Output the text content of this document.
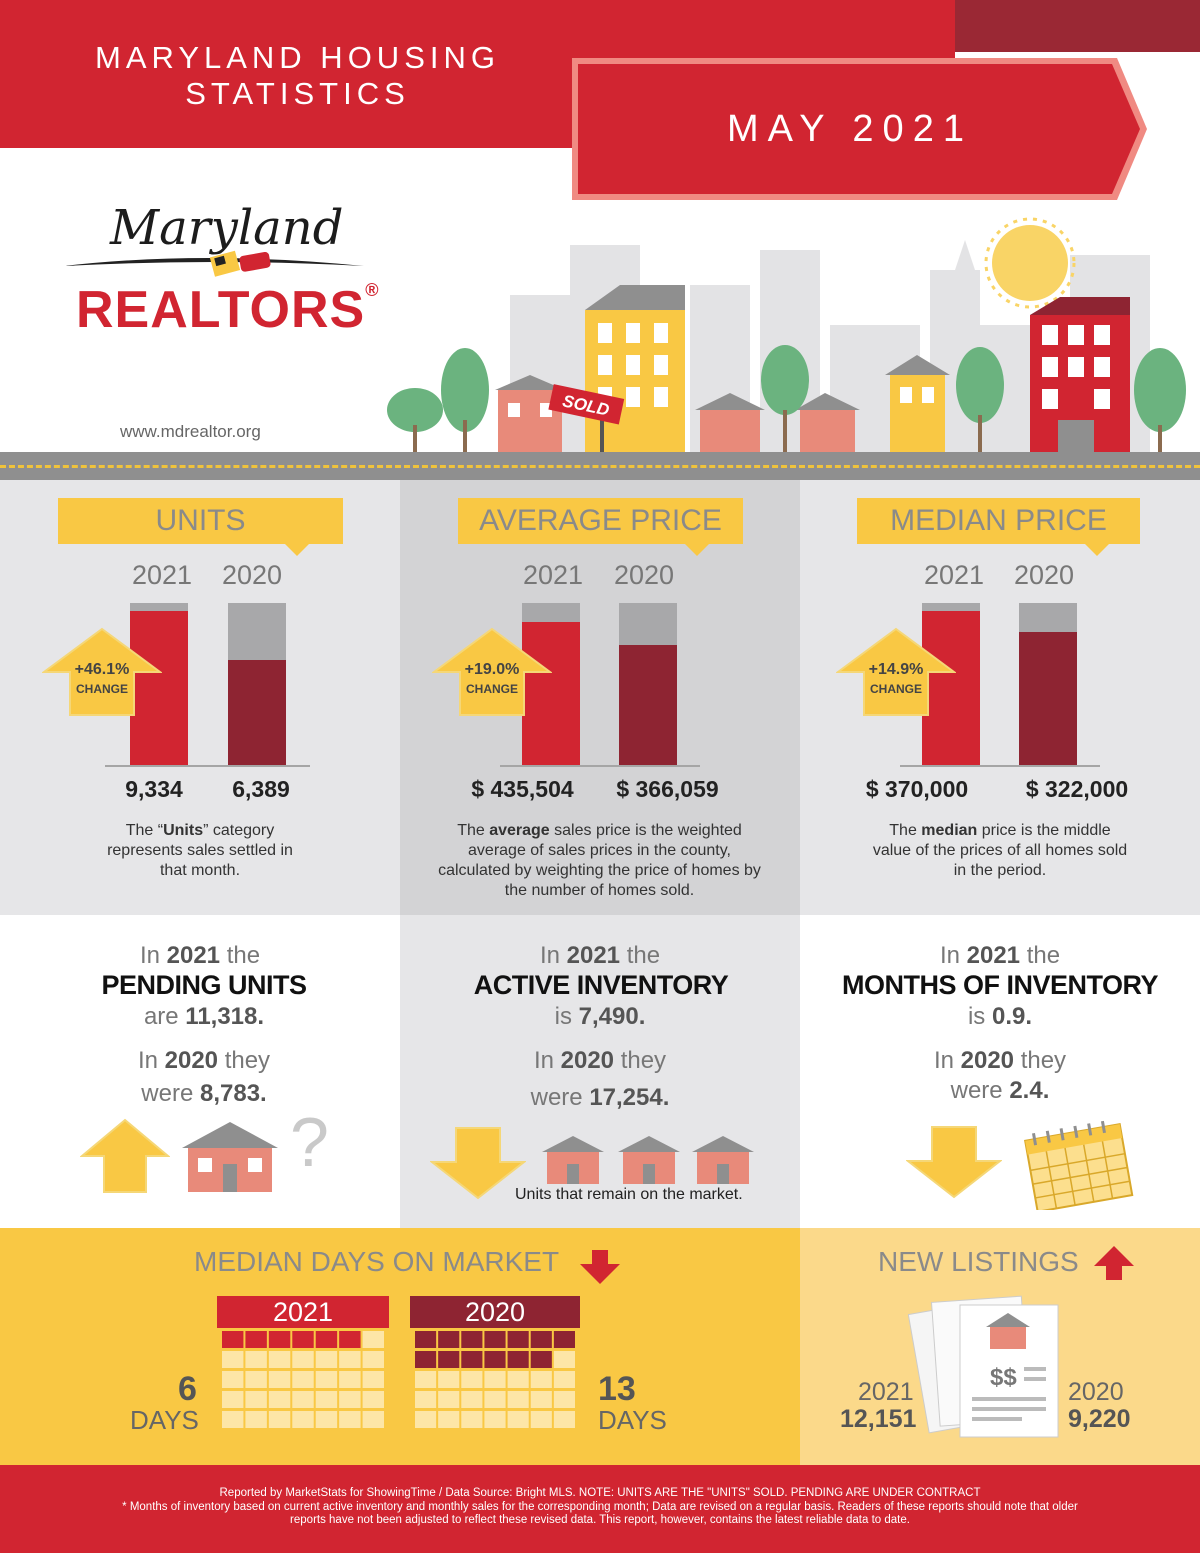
MARYLAND HOUSING
STATISTICS
MAY 2021
Maryland
REALTORS®
www.mdrealtor.org
SOLD
UNITS
2021 2020
+46.1%
CHANGE
9,334	6,389
The “Units” category represents sales settled in that month.
AVERAGE PRICE
2021 2020
+19.0%
CHANGE
$ 435,504	$ 366,059
The average sales price is the weighted average of sales prices in the county, calculated by weighting the price of homes by the number of homes sold.
MEDIAN PRICE
2021 2020
+14.9%
CHANGE
$ 370,000	$ 322,000
The median price is the middle value of the prices of all homes sold in the period.
In 2021 the
PENDING UNITS
are 11,318.
In 2020 they
were 8,783.
?
In 2021 the
ACTIVE INVENTORY
is 7,490.
In 2020 they
were 17,254.
Units that remain on the market.
In 2021 the
MONTHS OF INVENTORY
is 0.9.
In 2020 they
were 2.4.
MEDIAN DAYS ON MARKET
2021
6
DAYS
2020
13
DAYS
NEW LISTINGS
$$
2021
12,151
2020
9,220
Reported by MarketStats for ShowingTime / Data Source: Bright MLS. NOTE: UNITS ARE THE "UNITS" SOLD. PENDING ARE UNDER CONTRACT
* Months of inventory based on current active inventory and monthly sales for the corresponding month; Data are revised on a regular basis. Readers of these reports should note that older
reports have not been adjusted to reflect these revised data. This report, however, contains the latest reliable data to date.
